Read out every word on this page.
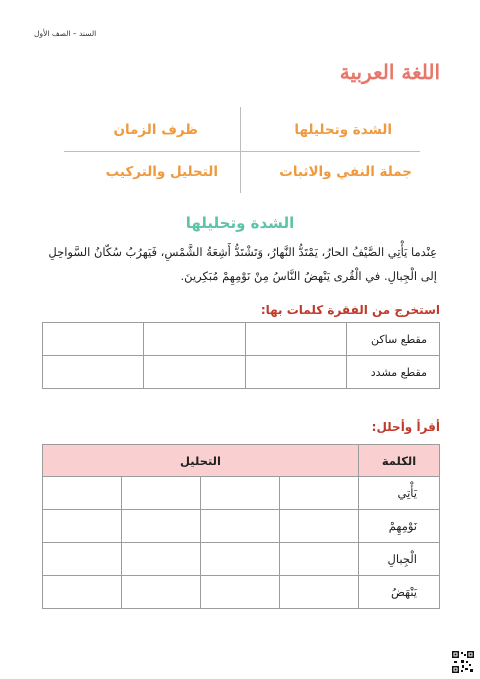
السند – الصف الأول
اللغة العربية
الشدة وتحليلها
ظرف الزمان
جملة النفي والاثبات
التحليل والتركيب
الشدة وتحليلها
عِنْدما يَأْتِي الصَّيْفُ الحارُ، يَمْتَدُّ النَّهارُ، وَتَشْتَدُّ أَشِعَةُ الشَّمْسِ، فَيَهرُبُ سُكّانُ السَّواحِلِ إلى الْجِبالِ. في الْقُرى يَنْهضُ النَّاسُ مِنْ نَوْمِهِمْ مُبَكِرينَ.
استخرج من الفقرة كلمات بها:
مقطع ساكن			
مقطع مشدد			
أقرأ وأحلل:
الكلمة	التحليل			
يَأْتِي				
نَوْمِهِمْ				
الْجِبالِ				
يَنْهَضُ				
